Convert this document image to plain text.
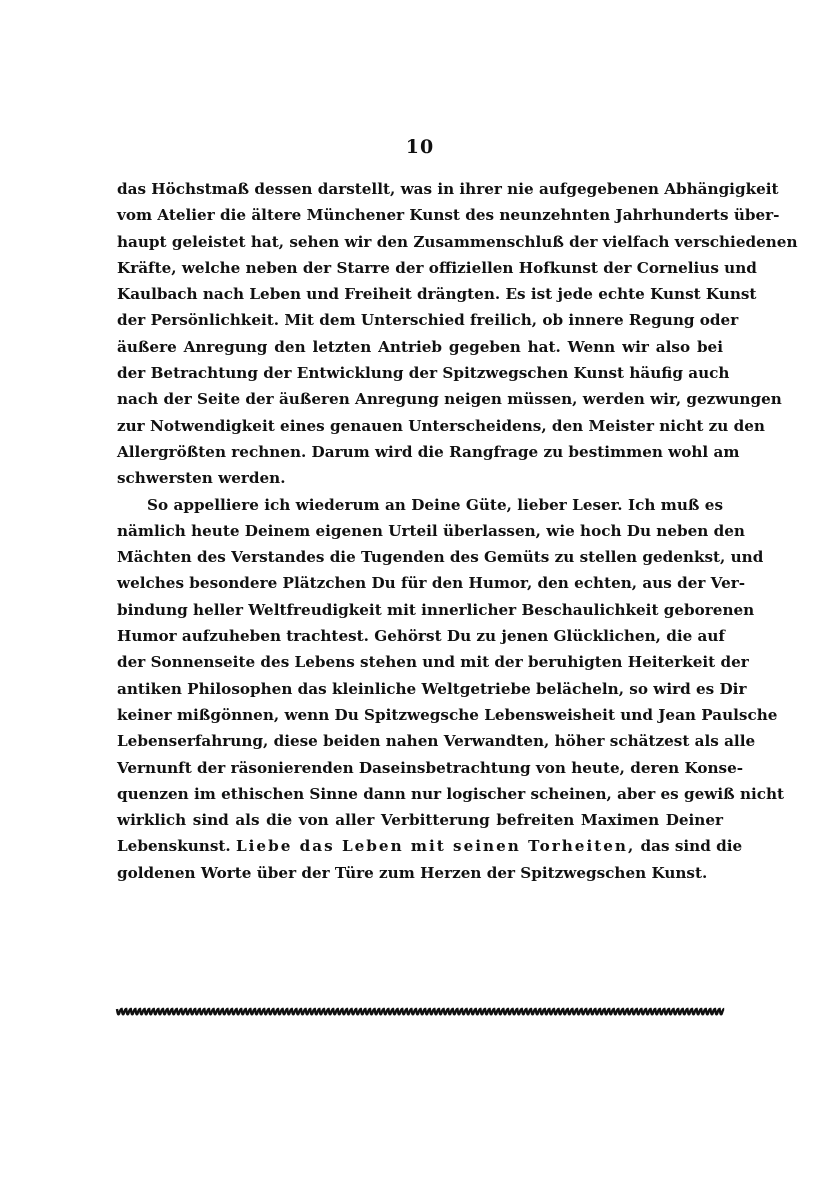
10
das Höchstmaß dessen darstellt, was in ihrer nie aufgegebenen Abhängigkeit
vom Atelier die ältere Münchener Kunst des neunzehnten Jahrhunderts über-
haupt geleistet hat, sehen wir den Zusammenschluß der vielfach verschiedenen
Kräfte, welche neben der Starre der offiziellen Hofkunst der Cornelius und
Kaulbach nach Leben und Freiheit drängten. Es ist jede echte Kunst Kunst
der Persönlichkeit. Mit dem Unterschied freilich, ob innere Regung oder
äußere Anregung den letzten Antrieb gegeben hat. Wenn wir also bei
der Betrachtung der Entwicklung der Spitzwegschen Kunst häufig auch
nach der Seite der äußeren Anregung neigen müssen, werden wir, gezwungen
zur Notwendigkeit eines genauen Unterscheidens, den Meister nicht zu den
Allergrößten rechnen. Darum wird die Rangfrage zu bestimmen wohl am
schwersten werden.
So appelliere ich wiederum an Deine Güte, lieber Leser. Ich muß es
nämlich heute Deinem eigenen Urteil überlassen, wie hoch Du neben den
Mächten des Verstandes die Tugenden des Gemüts zu stellen gedenkst, und
welches besondere Plätzchen Du für den Humor, den echten, aus der Ver-
bindung heller Weltfreudigkeit mit innerlicher Beschaulichkeit geborenen
Humor aufzuheben trachtest. Gehörst Du zu jenen Glücklichen, die auf
der Sonnenseite des Lebens stehen und mit der beruhigten Heiterkeit der
antiken Philosophen das kleinliche Weltgetriebe belächeln, so wird es Dir
keiner mißgönnen, wenn Du Spitzwegsche Lebensweisheit und Jean Paulsche
Lebenserfahrung, diese beiden nahen Verwandten, höher schätzest als alle
Vernunft der räsonierenden Daseinsbetrachtung von heute, deren Konse-
quenzen im ethischen Sinne dann nur logischer scheinen, aber es gewiß nicht
wirklich sind als die von aller Verbitterung befreiten Maximen Deiner
Lebenskunst. Liebe das Leben mit seinen Torheiten, das sind die
goldenen Worte über der Türe zum Herzen der Spitzwegschen Kunst.
